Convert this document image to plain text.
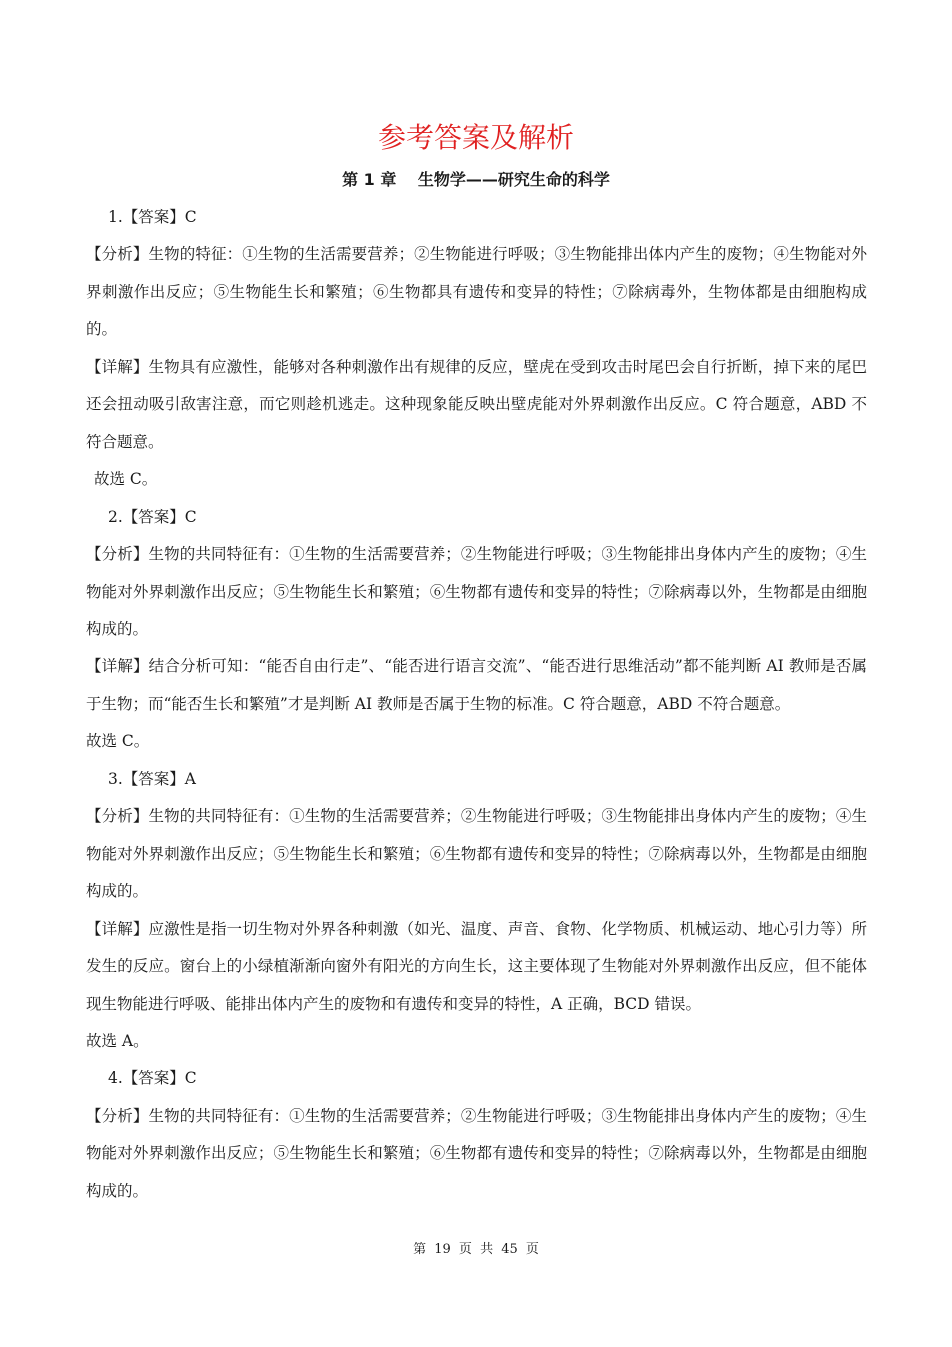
参考答案及解析
第 1 章　 生物学——研究生命的科学

1.【答案】C

【分析】生物的特征：①生物的生活需要营养；②生物能进行呼吸；③生物能排出体内产生的废物；④生物能对外界刺激作出反应；⑤生物能生长和繁殖；⑥生物都具有遗传和变异的特性；⑦除病毒外，生物体都是由细胞构成的。

【详解】生物具有应激性，能够对各种刺激作出有规律的反应，壁虎在受到攻击时尾巴会自行折断，掉下来的尾巴还会扭动吸引敌害注意，而它则趁机逃走。这种现象能反映出壁虎能对外界刺激作出反应。C 符合题意，ABD 不符合题意。

故选 C。

2.【答案】C

【分析】生物的共同特征有：①生物的生活需要营养；②生物能进行呼吸；③生物能排出身体内产生的废物；④生物能对外界刺激作出反应；⑤生物能生长和繁殖；⑥生物都有遗传和变异的特性；⑦除病毒以外，生物都是由细胞构成的。

【详解】结合分析可知：“能否自由行走”、“能否进行语言交流”、“能否进行思维活动”都不能判断 AI 教师是否属于生物；而“能否生长和繁殖”才是判断 AI 教师是否属于生物的标准。C 符合题意，ABD 不符合题意。

故选 C。

3.【答案】A

【分析】生物的共同特征有：①生物的生活需要营养；②生物能进行呼吸；③生物能排出身体内产生的废物；④生物能对外界刺激作出反应；⑤生物能生长和繁殖；⑥生物都有遗传和变异的特性；⑦除病毒以外，生物都是由细胞构成的。

【详解】应激性是指一切生物对外界各种刺激（如光、温度、声音、食物、化学物质、机械运动、地心引力等）所发生的反应。窗台上的小绿植渐渐向窗外有阳光的方向生长，这主要体现了生物能对外界刺激作出反应，但不能体现生物能进行呼吸、能排出体内产生的废物和有遗传和变异的特性，A 正确，BCD 错误。

故选 A。

4.【答案】C

【分析】生物的共同特征有：①生物的生活需要营养；②生物能进行呼吸；③生物能排出身体内产生的废物；④生物能对外界刺激作出反应；⑤生物能生长和繁殖；⑥生物都有遗传和变异的特性；⑦除病毒以外，生物都是由细胞构成的。

第 19 页 共 45 页
